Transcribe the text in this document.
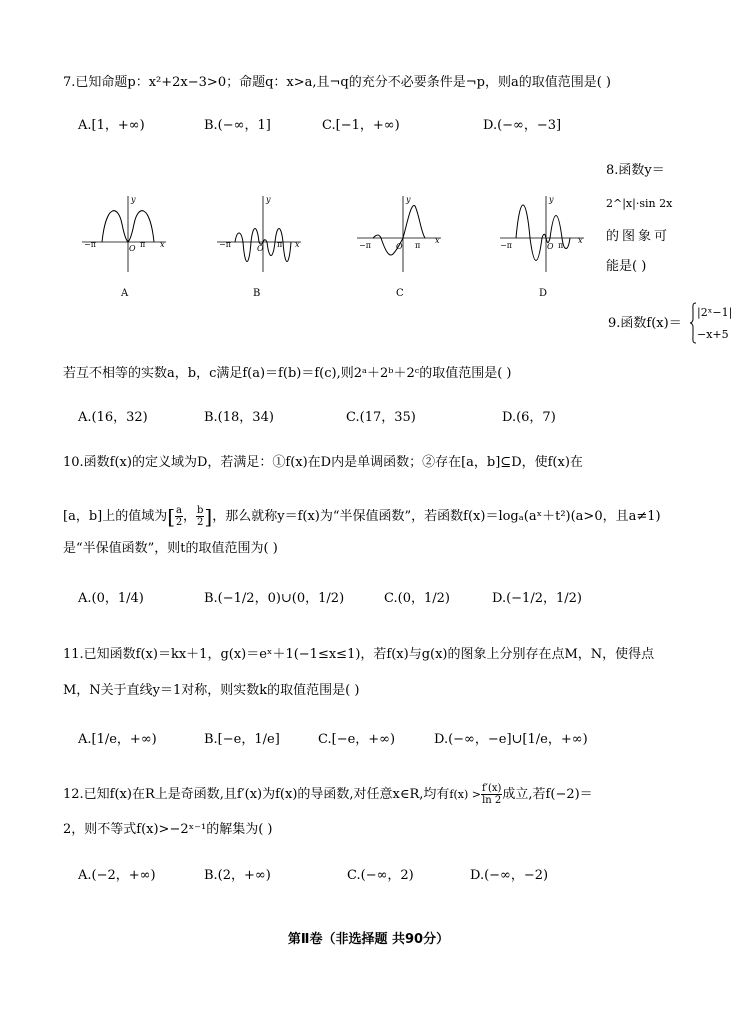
7.已知命题p：x²+2x−3>0；命题q：x>a,且¬q的充分不必要条件是¬p，则a的取值范围是( )
A.[1，+∞)	B.(−∞，1]	C.[−1，+∞)	D.(−∞，−3]
8.函数y＝
2^|x|·sin 2x
的图象可
能是( )
−π	O π x
y
A
−π	O π x
y
B
−π	O π
x
y
C
−π	O π
x
y
D
9.函数f(x)＝
|2ˣ−1|
−x+5
若互不相等的实数a，b，c满足f(a)＝f(b)＝f(c),则2ᵃ＋2ᵇ＋2ᶜ的取值范围是( )
A.(16，32)	B.(18，34)	C.(17，35)	D.(6，7)
10.函数f(x)的定义域为D，若满足：①f(x)在D内是单调函数；②存在[a，b]⊆D，使f(x)在
[a，b]上的值域为[ $\frac{a}{2}$ ， $\frac{b}{2}$ ]，那么就称y＝f(x)为“半保值函数”，若函数f(x)＝logₐ(aˣ＋t²)(a>0，且a≠1)
是“半保值函数”，则t的取值范围为( )
A.(0，1/4)	B.(−1/2，0)∪(0，1/2)	C.(0，1/2)	D.(−1/2，1/2)
11.已知函数f(x)＝kx＋1，g(x)＝eˣ＋1(−1≤x≤1)，若f(x)与g(x)的图象上分别存在点M，N，使得点
M，N关于直线y＝1对称，则实数k的取值范围是( )
A.[1/e，+∞)	B.[−e，1/e]	C.[−e，+∞)	D.(−∞，−e]∪[1/e，+∞)
12.已知f(x)在R上是奇函数,且f′(x)为f(x)的导函数,对任意x∈R,均有$f(x) > \frac{f'(x)}{\ln 2}$ 成立,若f(−2)＝
2，则不等式f(x)>−2ˣ⁻¹的解集为( )
A.(−2，+∞)	B.(2，+∞)	C.(−∞，2)	D.(−∞，−2)
第Ⅱ卷（非选择题 共90分）
